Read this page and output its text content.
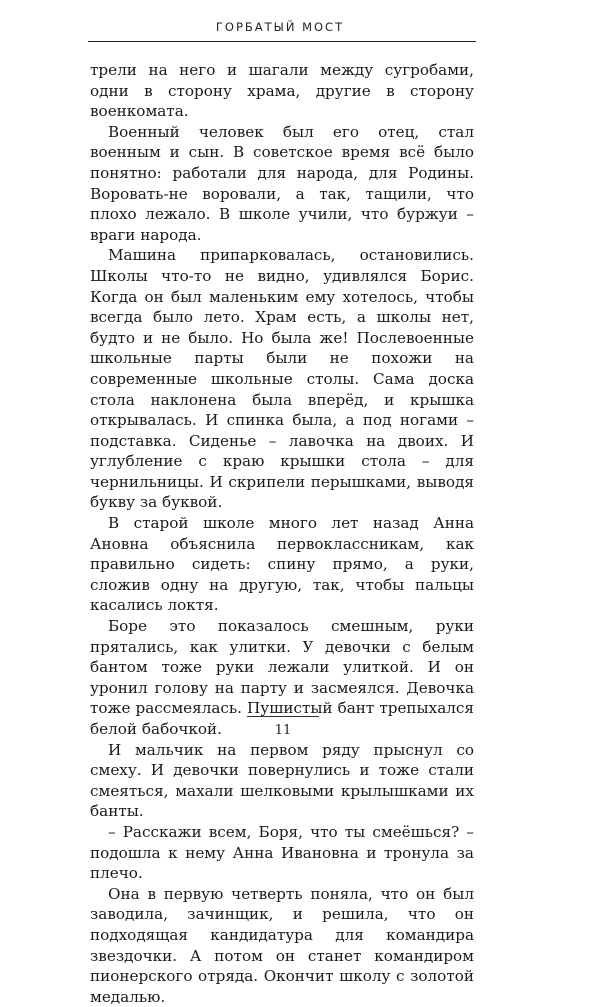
ГОРБАТЫЙ МОСТ

трели на него и шагали между сугробами, одни в сторону храма, другие в сторону военкомата.

Военный человек был его отец, стал военным и сын. В советское время всё было понятно: работали для народа, для Родины. Воровать-не воровали, а так, тащили, что плохо лежало. В школе учили, что буржуи – враги народа.

Машина припарковалась, остановились. Школы что-то не видно, удивлялся Борис. Когда он был маленьким ему хотелось, чтобы всегда было лето. Храм есть, а школы нет, будто и не было. Но была же! Послевоенные школьные парты были не похожи на современные школьные столы. Сама доска стола наклонена была вперёд, и крышка открывалась. И спинка была, а под ногами – подставка. Сиденье – лавочка на двоих. И углубление с краю крышки стола – для чернильницы. И скрипели перышками, выводя букву за буквой.

В старой школе много лет назад Анна Ановна объяснила первоклассникам, как правильно сидеть: спину прямо, а руки, сложив одну на другую, так, чтобы пальцы касались локтя.

Боре это показалось смешным, руки прятались, как улитки. У девочки с белым бантом тоже руки лежали улиткой. И он уронил голову на парту и засмеялся. Девочка тоже рассмеялась. Пушистый бант трепыхался белой бабочкой.

И мальчик на первом ряду прыснул со смеху. И девочки повернулись и тоже стали смеяться, махали шелковыми крылышками их банты.

– Расскажи всем, Боря, что ты смеёшься? – подошла к нему Анна Ивановна и тронула за плечо.

Она в первую четверть поняла, что он был заводила, зачинщик, и решила, что он подходящая кандидатура для командира звездочки. А потом он станет командиром пионерского отряда. Окончит школу с золотой медалью.

11
